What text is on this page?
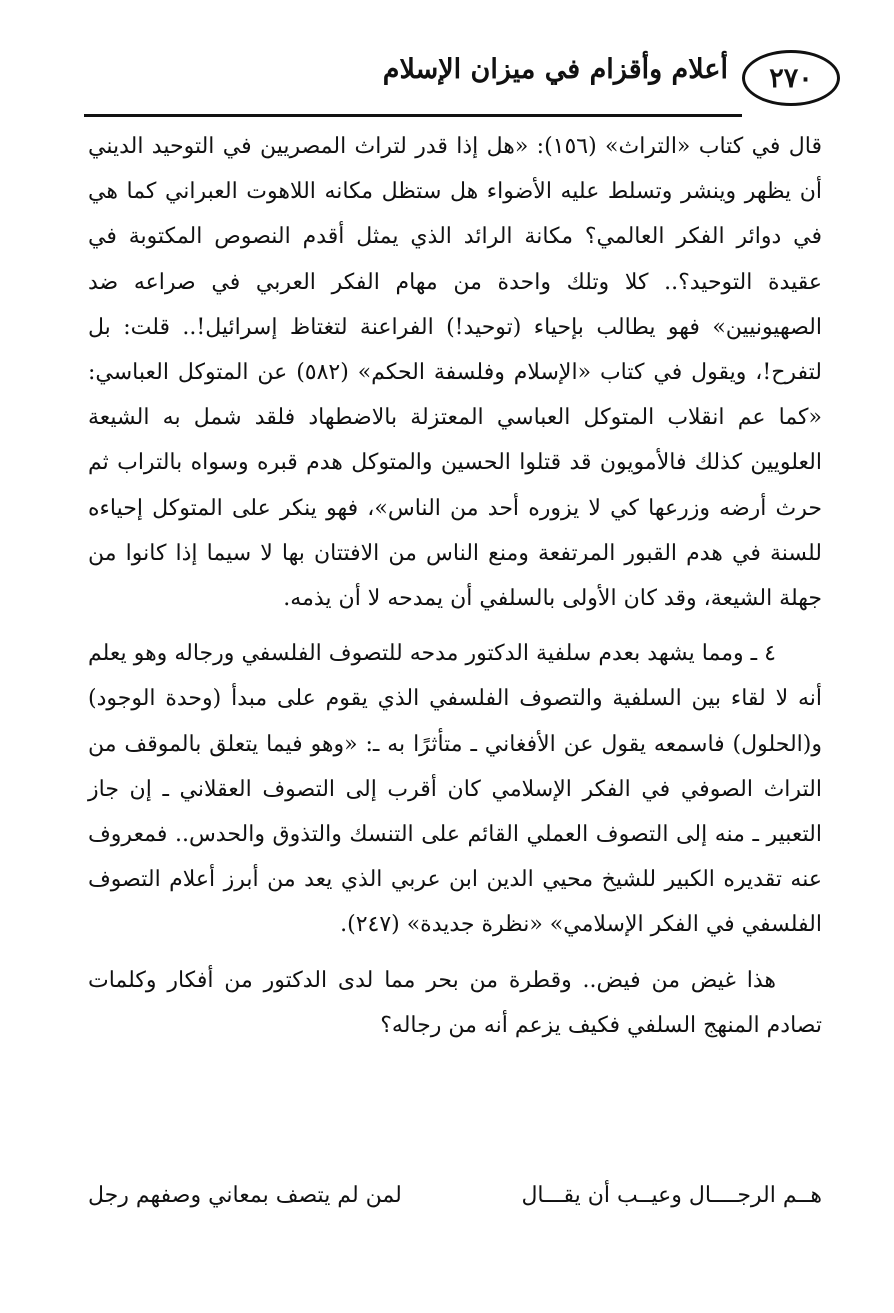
٢٧٠
أعلام وأقزام في ميزان الإسلام

قال في كتاب «التراث» (١٥٦): «هل إذا قدر لتراث المصريين في التوحيد الديني أن يظهر وينشر وتسلط عليه الأضواء هل ستظل مكانه اللاهوت العبراني كما هي في دوائر الفكر العالمي؟ مكانة الرائد الذي يمثل أقدم النصوص المكتوبة في عقيدة التوحيد؟.. كلا وتلك واحدة من مهام الفكر العربي في صراعه ضد الصهيونيين» فهو يطالب بإحياء (توحيد!) الفراعنة لتغتاظ إسرائيل!.. قلت: بل لتفرح!، ويقول في كتاب «الإسلام وفلسفة الحكم» (٥٨٢) عن المتوكل العباسي: «كما عم انقلاب المتوكل العباسي المعتزلة بالاضطهاد فلقد شمل به الشيعة العلويين كذلك فالأمويون قد قتلوا الحسين والمتوكل هدم قبره وسواه بالتراب ثم حرث أرضه وزرعها كي لا يزوره أحد من الناس»، فهو ينكر على المتوكل إحياءه للسنة في هدم القبور المرتفعة ومنع الناس من الافتتان بها لا سيما إذا كانوا من جهلة الشيعة، وقد كان الأولى بالسلفي أن يمدحه لا أن يذمه.

٤ ـ ومما يشهد بعدم سلفية الدكتور مدحه للتصوف الفلسفي ورجاله وهو يعلم أنه لا لقاء بين السلفية والتصوف الفلسفي الذي يقوم على مبدأ (وحدة الوجود) و(الحلول) فاسمعه يقول عن الأفغاني ـ متأثرًا به ـ: «وهو فيما يتعلق بالموقف من التراث الصوفي في الفكر الإسلامي كان أقرب إلى التصوف العقلاني ـ إن جاز التعبير ـ منه إلى التصوف العملي القائم على التنسك والتذوق والحدس.. فمعروف عنه تقديره الكبير للشيخ محيي الدين ابن عربي الذي يعد من أبرز أعلام التصوف الفلسفي في الفكر الإسلامي» «نظرة جديدة» (٢٤٧).

هذا غيض من فيض.. وقطرة من بحر مما لدى الدكتور من أفكار وكلمات تصادم المنهج السلفي فكيف يزعم أنه من رجاله؟

هــم الرجــــال وعيــب أن يقـــال
لمن لم يتصف بمعاني وصفهم رجل
